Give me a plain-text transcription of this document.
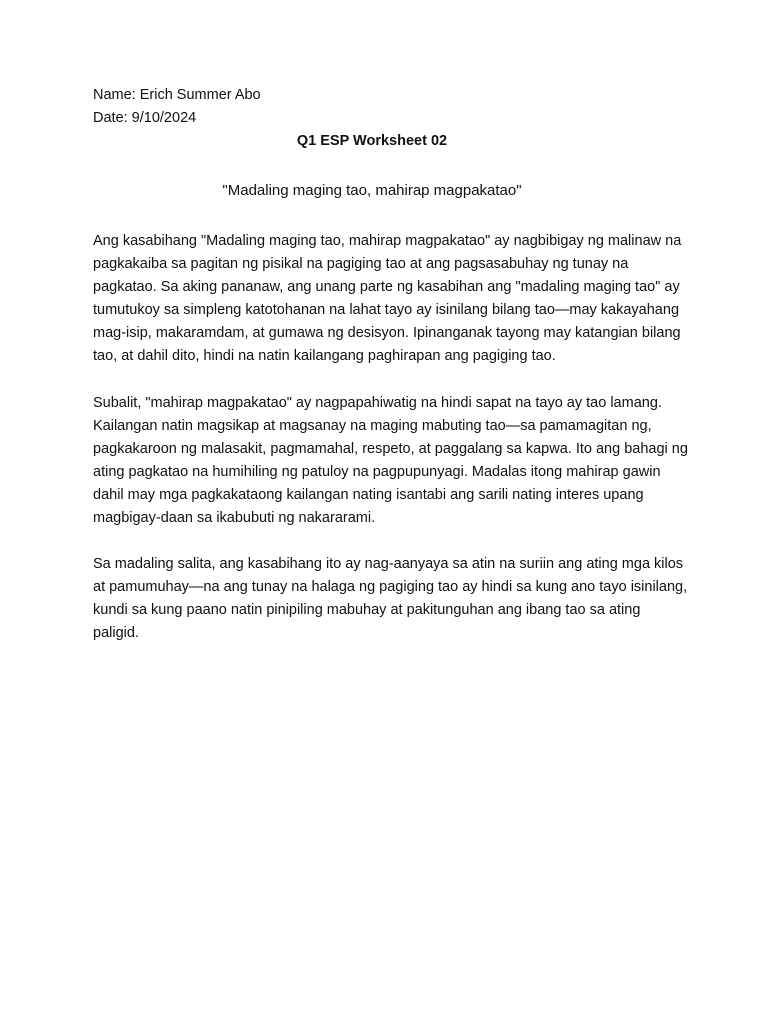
Name: Erich Summer Abo
Date: 9/10/2024
Q1 ESP Worksheet 02
"Madaling maging tao, mahirap magpakatao"
Ang kasabihang "Madaling maging tao, mahirap magpakatao" ay nagbibigay ng malinaw na
pagkakaiba sa pagitan ng pisikal na pagiging tao at ang pagsasabuhay ng tunay na
pagkatao. Sa aking pananaw, ang unang parte ng kasabihan ang "madaling maging tao" ay
tumutukoy sa simpleng katotohanan na lahat tayo ay isinilang bilang tao—may kakayahang
mag-isip, makaramdam, at gumawa ng desisyon. Ipinanganak tayong may katangian bilang
tao, at dahil dito, hindi na natin kailangang paghirapan ang pagiging tao.
Subalit, "mahirap magpakatao" ay nagpapahiwatig na hindi sapat na tayo ay tao lamang.
Kailangan natin magsikap at magsanay na maging mabuting tao—sa pamamagitan ng,
pagkakaroon ng malasakit, pagmamahal, respeto, at paggalang sa kapwa. Ito ang bahagi ng
ating pagkatao na humihiling ng patuloy na pagpupunyagi. Madalas itong mahirap gawin
dahil may mga pagkakataong kailangan nating isantabi ang sarili nating interes upang
magbigay-daan sa ikabubuti ng nakararami.
Sa madaling salita, ang kasabihang ito ay nag-aanyaya sa atin na suriin ang ating mga kilos
at pamumuhay—na ang tunay na halaga ng pagiging tao ay hindi sa kung ano tayo isinilang,
kundi sa kung paano natin pinipiling mabuhay at pakitunguhan ang ibang tao sa ating
paligid.
